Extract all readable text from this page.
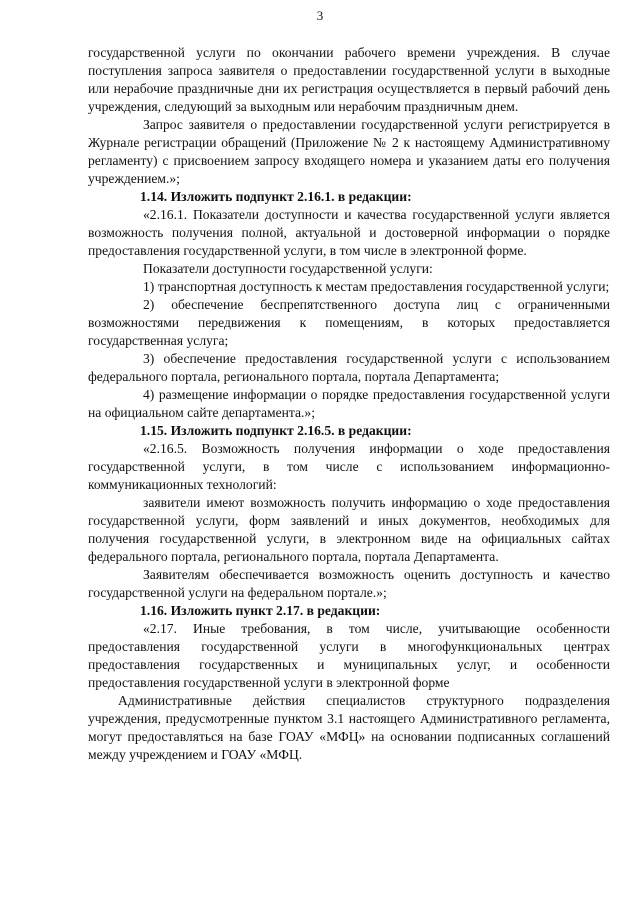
3

государственной услуги по окончании рабочего времени учреждения. В случае поступления запроса заявителя о предоставлении государственной услуги в выходные или нерабочие праздничные дни их регистрация осуществляется в первый рабочий день учреждения, следующий за выходным или нерабочим праздничным днем.

Запрос заявителя о предоставлении государственной услуги регистрируется в Журнале регистрации обращений (Приложение № 2 к настоящему Административному регламенту) с присвоением запросу входящего номера и указанием даты его получения учреждением.»;

1.14. Изложить подпункт 2.16.1. в редакции:

«2.16.1. Показатели доступности и качества государственной услуги является возможность получения полной, актуальной и достоверной информации о порядке предоставления государственной услуги, в том числе в электронной форме.

Показатели доступности государственной услуги:

1) транспортная доступность к местам предоставления государственной услуги;

2) обеспечение беспрепятственного доступа лиц с ограниченными возможностями передвижения к помещениям, в которых предоставляется государственная услуга;

3) обеспечение предоставления государственной услуги с использованием федерального портала, регионального портала, портала Департамента;

4) размещение информации о порядке предоставления государственной услуги на официальном сайте департамента.»;

1.15. Изложить подпункт 2.16.5. в редакции:

«2.16.5. Возможность получения информации о ходе предоставления государственной услуги, в том числе с использованием информационно-коммуникационных технологий:

заявители имеют возможность получить информацию о ходе предоставления государственной услуги, форм заявлений и иных документов, необходимых для получения государственной услуги, в электронном виде на официальных сайтах федерального портала, регионального портала, портала Департамента.

Заявителям обеспечивается возможность оценить доступность и качество государственной услуги на федеральном портале.»;

1.16. Изложить пункт 2.17. в редакции:

«2.17. Иные требования, в том числе, учитывающие особенности предоставления государственной услуги в многофункциональных центрах предоставления государственных и муниципальных услуг, и особенности предоставления государственной услуги в электронной форме

Административные действия специалистов структурного подразделения учреждения, предусмотренные пунктом 3.1 настоящего Административного регламента, могут предоставляться на базе ГОАУ «МФЦ» на основании подписанных соглашений между учреждением и ГОАУ «МФЦ.
